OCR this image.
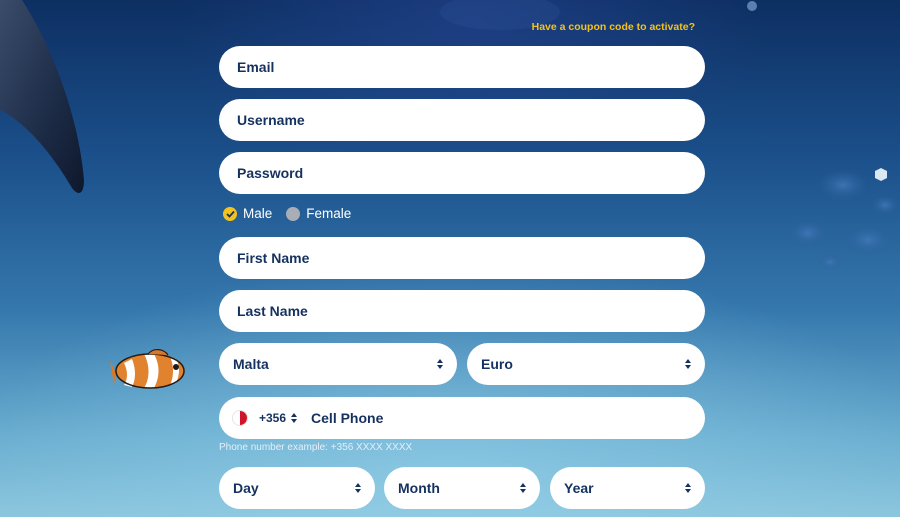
Have a coupon code to activate?
Email
Username
Password
Male	Female
First Name
Last Name
Malta	Euro
+356 Cell Phone
Phone number example: +356 XXXX XXXX
Day	Month	Year
